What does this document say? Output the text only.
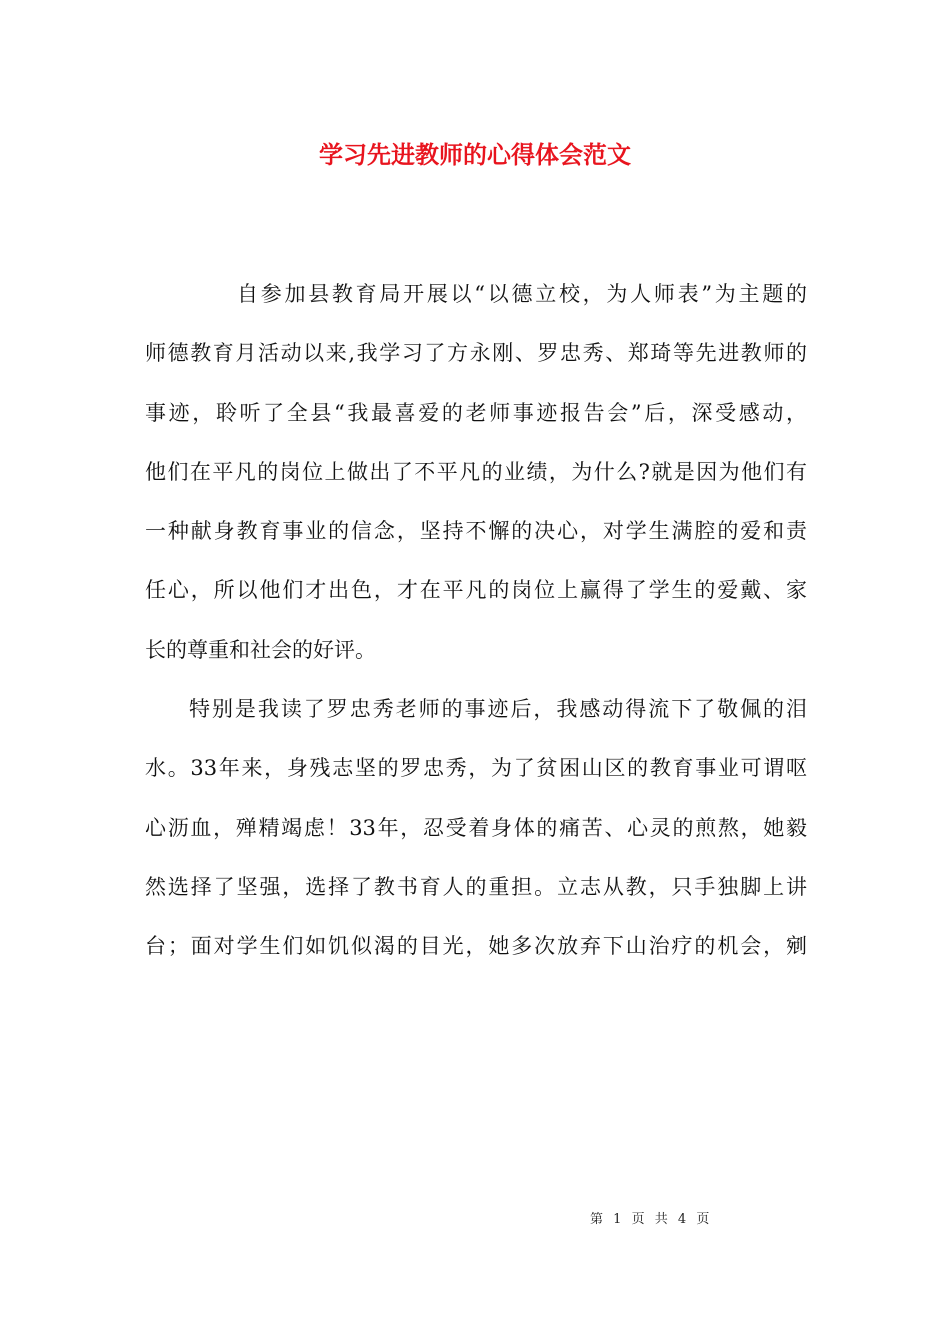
学习先进教师的心得体会范文
自参加县教育局开展以“以德立校，为人师表”为主题的
师德教育月活动以来,我学习了方永刚、罗忠秀、郑琦等先进教师的
事迹，聆听了全县“我最喜爱的老师事迹报告会”后，深受感动，
他们在平凡的岗位上做出了不平凡的业绩，为什么?就是因为他们有
一种献身教育事业的信念，坚持不懈的决心，对学生满腔的爱和责
任心，所以他们才出色，才在平凡的岗位上赢得了学生的爱戴、家
长的尊重和社会的好评。
特别是我读了罗忠秀老师的事迹后，我感动得流下了敬佩的泪
水。33年来，身残志坚的罗忠秀，为了贫困山区的教育事业可谓呕
心沥血，殚精竭虑！33年，忍受着身体的痛苦、心灵的煎熬，她毅
然选择了坚强，选择了教书育人的重担。立志从教，只手独脚上讲
台；面对学生们如饥似渴的目光，她多次放弃下山治疗的机会，剜
第 1 页 共 4 页
